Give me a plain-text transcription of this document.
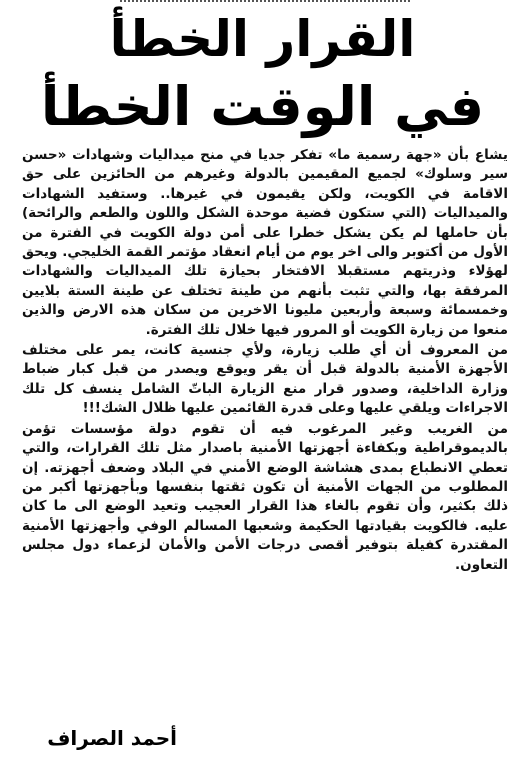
القرار الخطأ
في الوقت الخطأ

يشاع بأن «جهة رسمية ما» تفكر جديا في منح ميداليات وشهادات «حسن سير وسلوك» لجميع المقيمين بالدولة وغيرهم من الحائزين على حق الاقامة في الكويت، ولكن يقيمون في غيرها.. وستفيد الشهادات والميداليات (التي ستكون فضية موحدة الشكل واللون والطعم والرائحة) بأن حاملها لم يكن يشكل خطرا على أمن دولة الكويت في الفترة من الأول من أكتوبر والى اخر يوم من أيام انعقاد مؤتمر القمة الخليجي. ويحق لهؤلاء وذريتهم مستقبلا الافتخار بحيازة تلك الميداليات والشهادات المرفقة بها، والتي تثبت بأنهم من طينة تختلف عن طينة الستة بلايين وخمسمائة وسبعة وأربعين مليونا الاخرين من سكان هذه الارض والذين منعوا من زيارة الكويت أو المرور فيها خلال تلك الفترة.

من المعروف أن أي طلب زيارة، ولأي جنسية كانت، يمر على مختلف الأجهزة الأمنية بالدولة قبل أن يقر ويوقع ويصدر من قبل كبار ضباط وزارة الداخلية، وصدور قرار منع الزيارة الباتّ الشامل ينسف كل تلك الاجراءات ويلقي عليها وعلى قدرة القائمين عليها ظلال الشك!!!

من الغريب وغير المرغوب فيه أن تقوم دولة مؤسسات تؤمن بالديموقراطية وبكفاءة أجهزتها الأمنية باصدار مثل تلك القرارات، والتي تعطي الانطباع بمدى هشاشة الوضع الأمني في البلاد وضعف أجهزته. إن المطلوب من الجهات الأمنية أن تكون ثقتها بنفسها وبأجهزتها أكبر من ذلك بكثير، وأن تقوم بالغاء هذا القرار العجيب وتعيد الوضع الى ما كان عليه. فالكويت بقيادتها الحكيمة وشعبها المسالم الوفي وأجهزتها الأمنية المقتدرة كفيلة بتوفير أقصى درجات الأمن والأمان لزعماء دول مجلس التعاون.

أحمد الصراف
